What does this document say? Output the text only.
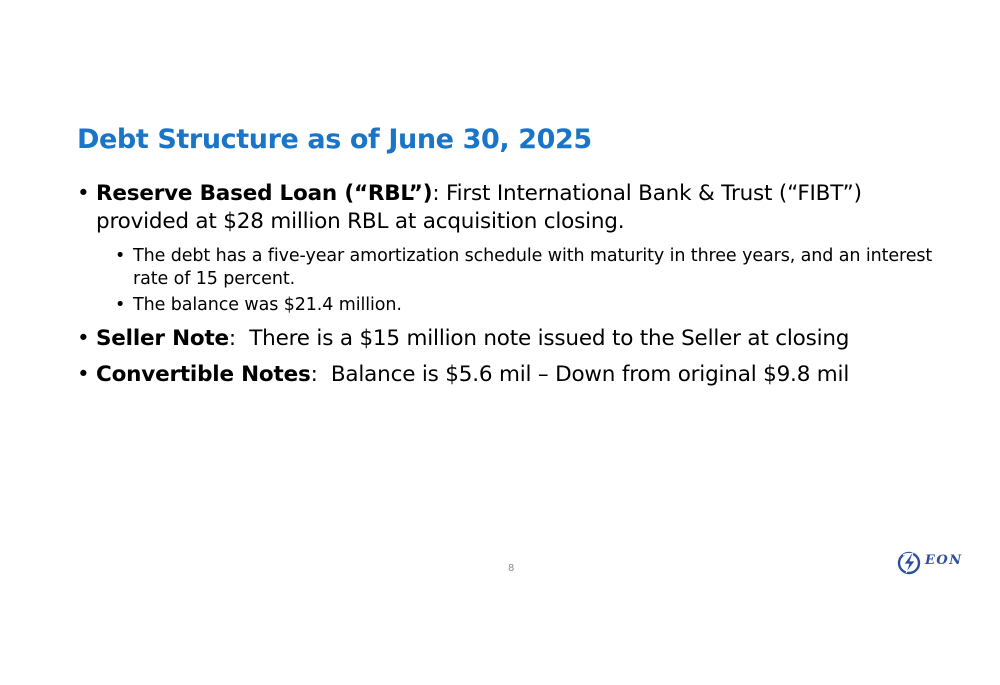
Debt Structure as of June 30, 2025
• Reserve Based Loan (“RBL”): First International Bank & Trust (“FIBT”) provided at $28 million RBL at acquisition closing.
• The debt has a five-year amortization schedule with maturity in three years, and an interest rate of 15 percent.
• The balance was $21.4 million.
• Seller Note:  There is a $15 million note issued to the Seller at closing
• Convertible Notes:  Balance is $5.6 mil – Down from original $9.8 mil
8
EON
